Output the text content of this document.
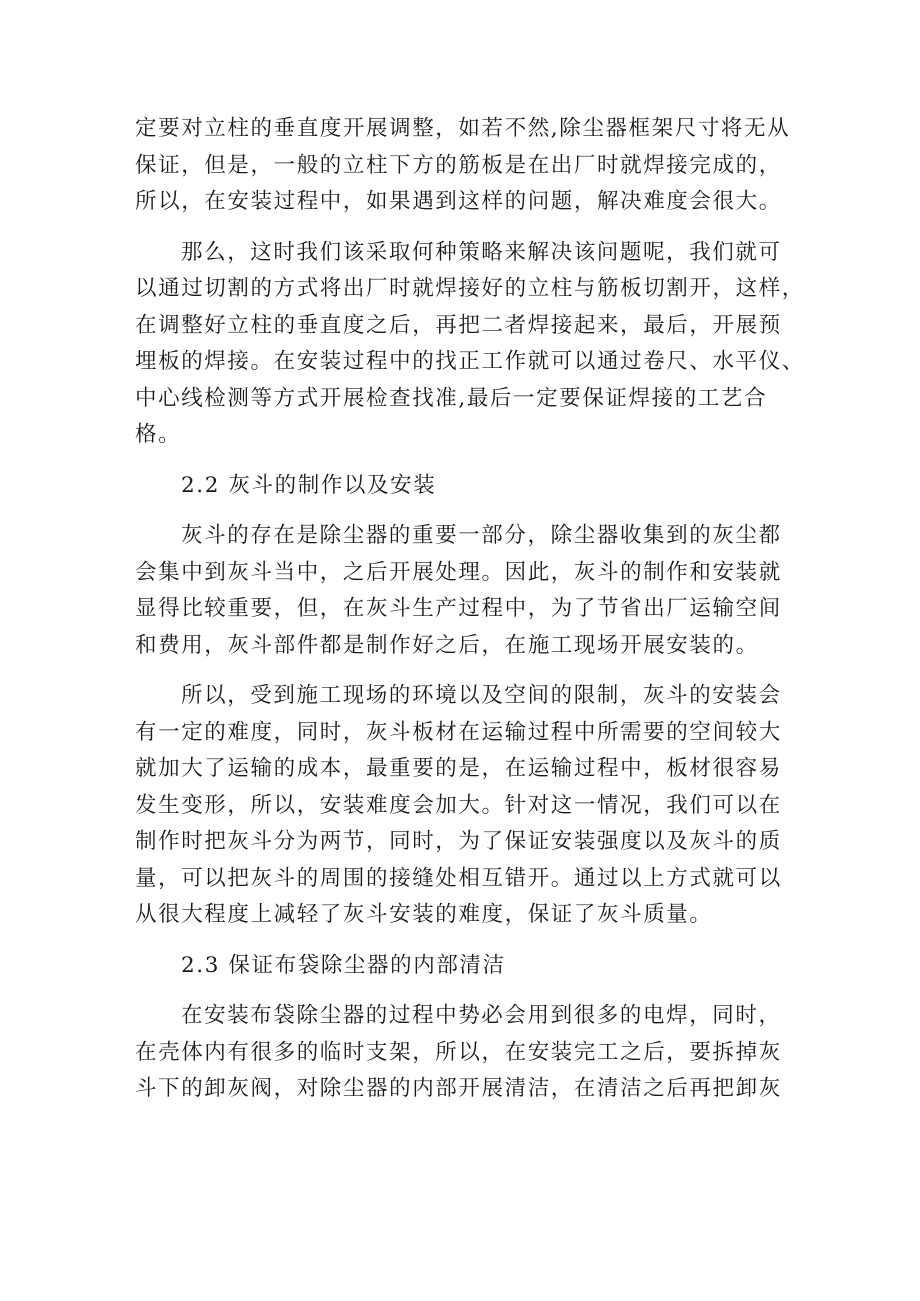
定要对立柱的垂直度开展调整，如若不然,除尘器框架尺寸将无从
保证，但是，一般的立柱下方的筋板是在出厂时就焊接完成的，
所以，在安装过程中，如果遇到这样的问题，解决难度会很大。
那么，这时我们该采取何种策略来解决该问题呢，我们就可
以通过切割的方式将出厂时就焊接好的立柱与筋板切割开，这样，
在调整好立柱的垂直度之后，再把二者焊接起来，最后，开展预
埋板的焊接。在安装过程中的找正工作就可以通过卷尺、水平仪、
中心线检测等方式开展检查找准,最后一定要保证焊接的工艺合
格。
2.2 灰斗的制作以及安装
灰斗的存在是除尘器的重要一部分，除尘器收集到的灰尘都
会集中到灰斗当中，之后开展处理。因此，灰斗的制作和安装就
显得比较重要，但，在灰斗生产过程中，为了节省出厂运输空间
和费用，灰斗部件都是制作好之后，在施工现场开展安装的。
所以，受到施工现场的环境以及空间的限制，灰斗的安装会
有一定的难度，同时，灰斗板材在运输过程中所需要的空间较大
就加大了运输的成本，最重要的是，在运输过程中，板材很容易
发生变形，所以，安装难度会加大。针对这一情况，我们可以在
制作时把灰斗分为两节，同时，为了保证安装强度以及灰斗的质
量，可以把灰斗的周围的接缝处相互错开。通过以上方式就可以
从很大程度上减轻了灰斗安装的难度，保证了灰斗质量。
2.3 保证布袋除尘器的内部清洁
在安装布袋除尘器的过程中势必会用到很多的电焊，同时，
在壳体内有很多的临时支架，所以，在安装完工之后，要拆掉灰
斗下的卸灰阀，对除尘器的内部开展清洁，在清洁之后再把卸灰
